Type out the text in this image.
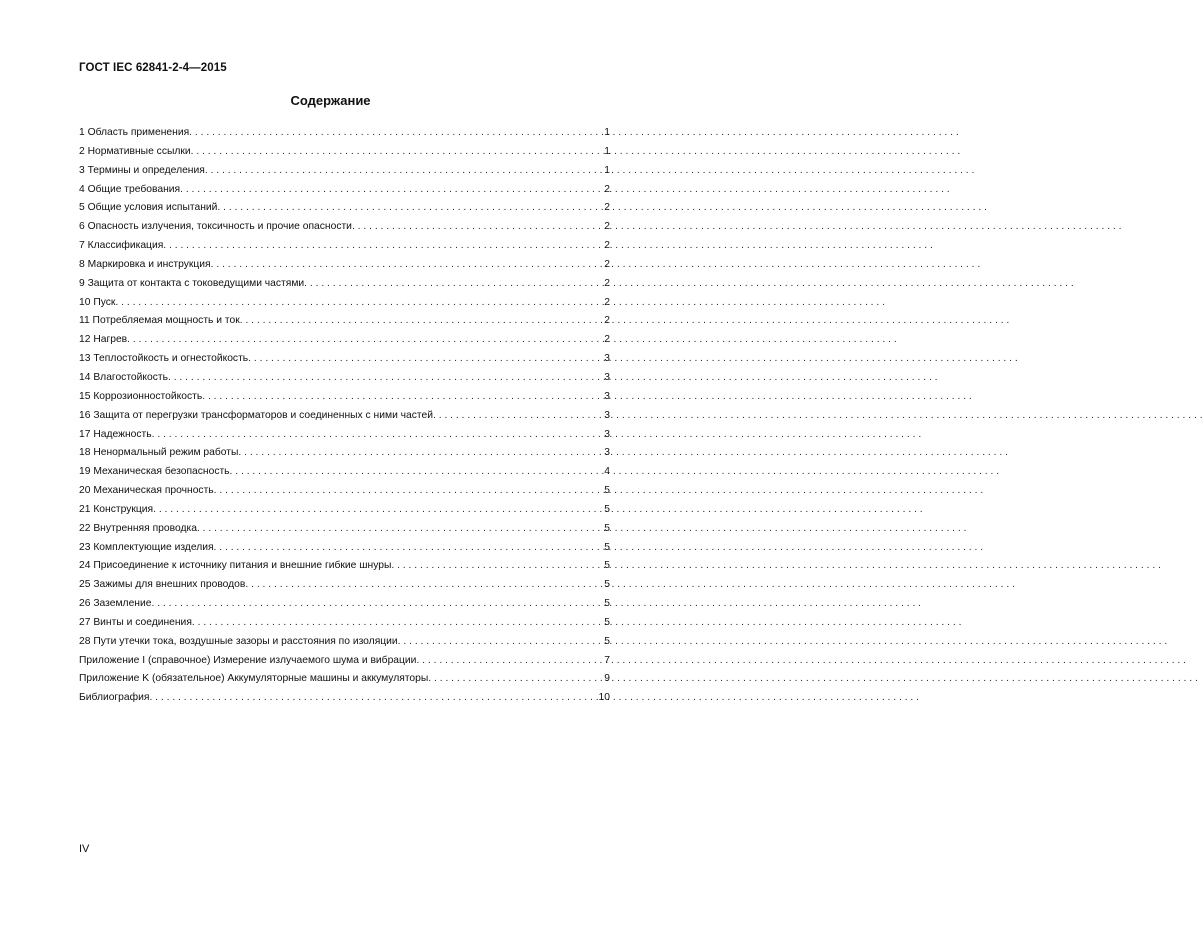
ГОСТ IEC 62841-2-4—2015
Содержание
1 Область применения . . .	1
2 Нормативные ссылки . . .	1
3 Термины и определения . . .	1
4 Общие требования . . .	2
5 Общие условия испытаний . . .	2
6 Опасность излучения, токсичность и прочие опасности . . .	2
7 Классификация . . .	2
8 Маркировка и инструкция . . .	2
9 Защита от контакта с токоведущими частями . . .	2
10 Пуск . . .	2
11 Потребляемая мощность и ток . . .	2
12 Нагрев . . .	2
13 Теплостойкость и огнестойкость . . .	3
14 Влагостойкость . . .	3
15 Коррозионностойкость . . .	3
16 Защита от перегрузки трансформаторов и соединенных с ними частей . . .	3
17 Надежность . . .	3
18 Ненормальный режим работы . . .	3
19 Механическая безопасность . . .	4
20 Механическая прочность . . .	5
21 Конструкция . . .	5
22 Внутренняя проводка . . .	5
23 Комплектующие изделия . . .	5
24 Присоединение к источнику питания и внешние гибкие шнуры . . .	5
25 Зажимы для внешних проводов . . .	5
26 Заземление . . .	5
27 Винты и соединения . . .	5
28 Пути утечки тока, воздушные зазоры и расстояния по изоляции . . .	5
Приложение I (справочное) Измерение излучаемого шума и вибрации . . .	7
Приложение K (обязательное) Аккумуляторные машины и аккумуляторы . . .	9
Библиография . . .	10
IV
